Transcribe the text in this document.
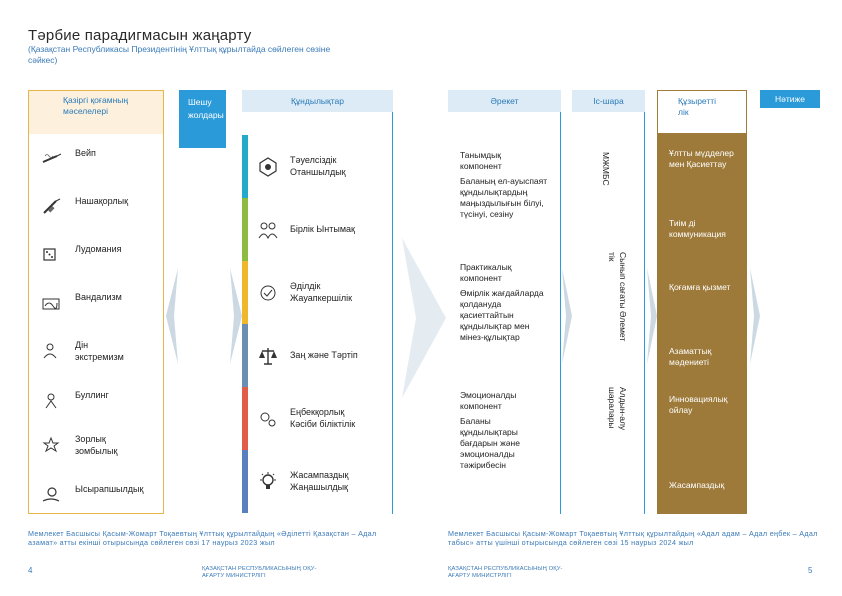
Тәрбие парадигмасын жаңарту
(Қазақстан Республикасы Президентінің Ұлттық құрылтайда сөйлеген сөзіне сәйкес)
Қазіргі қоғамның мәселелері
Шешу жолдары
Құндылықтар	Әрекет	Іс-шара	Құзыретті лік
Нәтиже
Вейп
Нашақорлық
Лудомания
Вандализм
Дін экстремизм
Буллинг
Зорлық зомбылық
Ысырапшылдық
Тәуелсіздік Отаншылдық
Бірлік Ынтымақ
Әділдік Жауапкершілік
Заң және Тәртіп
Еңбекқорлық Кәсіби біліктілік
Жасампаздық Жаңашылдық
Танымдық компонент
Баланың ел-ауыспаят құндылықтардың маңыздылығын білуі, түсінуі, сезіну
Практикалық компонент
Өмірлік жағдайларда қолдануда қасиеттайтын құндылықтар мен мінез-құлықтар
Эмоционалды компонент
Баланы құндылықтары бағдарын және эмоционалды тәжірибесін
МЖМБС
Сынып сағаты Әлемет тік
Алдын-алу шаралары
Ұлтты мүдделер мен Қасиеттау
Тиім ді коммуникация
Қоғамға қызмет
Азаматтық мәдениеті
Инновациялық ойлау
Жасампаздық
Мемлекет Басшысы Қасым-Жомарт Тоқаевтың Ұлттық құрылтайдың «Әділетті Қазақстан – Адал азамат» атты екінші отырысында сөйлеген сөзі 17 наурыз 2023 жыл
Мемлекет Басшысы Қасым-Жомарт Тоқаевтың Ұлттық құрылтайдың «Адал адам – Адал еңбек – Адал табыс» атты үшінші отырысында сөйлеген сөзі 15 наурыз 2024 жыл
4	5
ҚАЗАҚСТАН РЕСПУБЛИКАСЫНЫҢ ОҚУ-АҒАРТУ МИНИСТРЛІГІ
ҚАЗАҚСТАН РЕСПУБЛИКАСЫНЫҢ ОҚУ-АҒАРТУ МИНИСТРЛІГІ
